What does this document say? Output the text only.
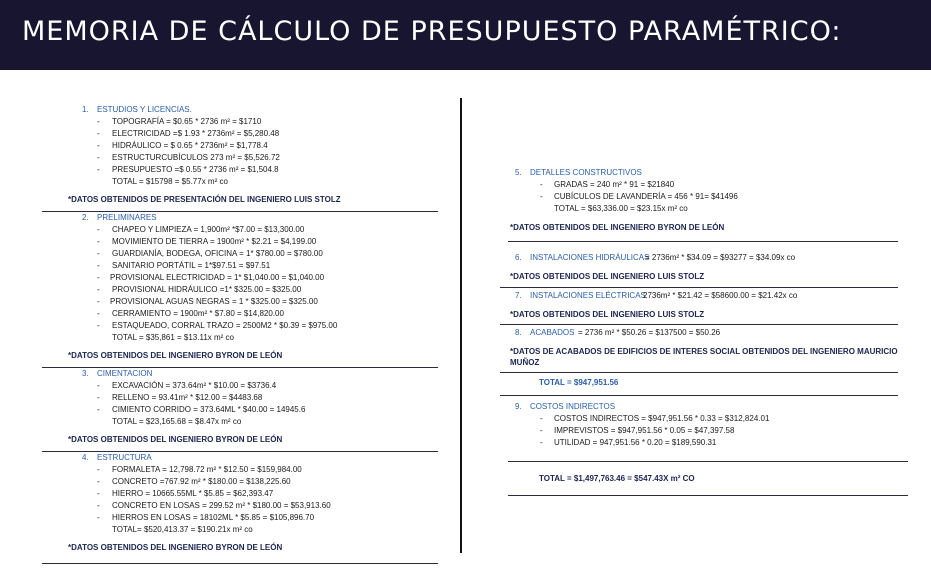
MEMORIA DE CÁLCULO DE PRESUPUESTO PARAMÉTRICO:
1. ESTUDIOS Y LICENCIAS.
- TOPOGRAFÍA = $0.65 * 2736 m² = $1710
- ELECTRICIDAD =$ 1.93 * 2736m² = $5,280.48
- HIDRÁULICO = $ 0.65 * 2736m² = $1,778.4
- ESTRUCTURCUBÍCULOS 273 m² = $5,526.72
- PRESUPUESTO =$ 0.55 * 2736 m² = $1,504.8
TOTAL = $15798 = $5.77x m² co
*DATOS OBTENIDOS DE PRESENTACIÓN DEL INGENIERO LUIS STOLZ
2. PRELIMINARES
- CHAPEO Y LIMPIEZA = 1,900m² *$7.00 = $13,300.00
- MOVIMIENTO DE TIERRA = 1900m² * $2.21 = $4,199.00
- GUARDIANÍA, BODEGA, OFICINA = 1* $780.00 = $780.00
- SANITARIO PORTÁTIL = 1*$97.51 = $97.51
- PROVISIONAL ELECTRICIDAD = 1* $1,040.00 = $1,040.00
- PROVISIONAL HIDRÁULICO =1* $325.00 = $325.00
- PROVISIONAL AGUAS NEGRAS = 1 * $325.00 = $325.00
- CERRAMIENTO = 1900m² * $7.80 = $14,820.00
- ESTAQUEADO, CORRAL TRAZO = 2500M2 * $0.39 = $975.00
TOTAL = $35,861 = $13.11x m² co
*DATOS OBTENIDOS DEL INGENIERO BYRON DE LEÓN
3. CIMENTACION
- EXCAVACIÓN = 373.64m² * $10.00 = $3736.4
- RELLENO = 93.41m² * $12.00 = $4483.68
- CIMIENTO CORRIDO = 373.64ML * $40.00 = 14945.6
TOTAL = $23,165.68 = $8.47x m² co
*DATOS OBTENIDOS DEL INGENIERO BYRON DE LEÓN
4. ESTRUCTURA
- FORMALETA = 12,798.72 m² * $12.50 = $159,984.00
- CONCRETO =767.92 m² * $180.00 = $138,225.60
- HIERRO = 10665.55ML * $5.85 = $62,393.47
- CONCRETO EN LOSAS = 299.52 m² * $180.00 = $53,913.60
- HIERROS EN LOSAS = 18102ML * $5.85 = $105,896.70
TOTAL= $520,413.37 = $190.21x m² co
*DATOS OBTENIDOS DEL INGENIERO BYRON DE LEÓN
5. DETALLES CONSTRUCTIVOS
- GRADAS = 240 m² * 91 = $21840
- CUBÍCULOS DE LAVANDERÍA = 456 * 91= $41496
TOTAL = $63,336.00 = $23.15x m² co
*DATOS OBTENIDOS DEL INGENIERO BYRON DE LEÓN
6. INSTALACIONES HIDRÁULICAS
= 2736m² * $34.09 = $93277 = $34.09x co
*DATOS OBTENIDOS DEL INGENIERO LUIS STOLZ
7. INSTALACIONES ELÉCTRICAS
2736m² * $21.42 = $58600.00 = $21.42x co
*DATOS OBTENIDOS DEL INGENIERO LUIS STOLZ
8. ACABADOS = 2736 m² * $50.26 = $137500 = $50.26
*DATOS DE ACABADOS DE EDIFICIOS DE INTERES SOCIAL OBTENIDOS DEL INGENIERO MAURICIO
MUÑOZ
TOTAL = $947,951.56
9. COSTOS INDIRECTOS
- COSTOS INDIRECTOS = $947,951.56 * 0.33 = $312,824.01
- IMPREVISTOS = $947,951.56 * 0.05 = $47,397.58
- UTILIDAD = 947,951.56 * 0.20 = $189,590.31
TOTAL = $1,497,763.46 = $547.43X m² CO
